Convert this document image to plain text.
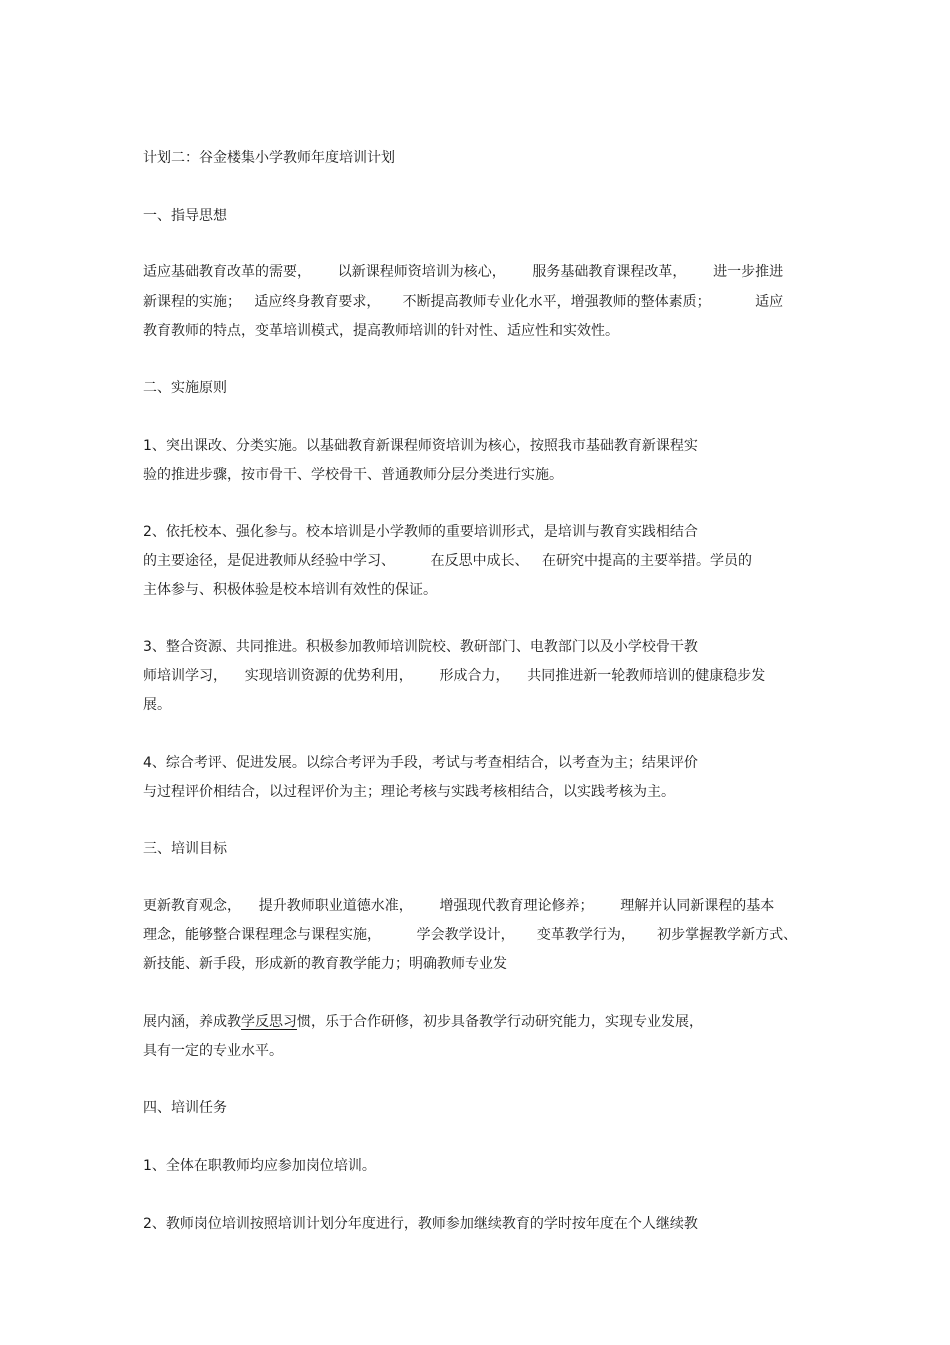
计划二：谷金楼集小学教师年度培训计划
一、指导思想
适应基础教育改革的需要，      以新课程师资培训为核心，      服务基础教育课程改革，      进一步推进
新课程的实施；   适应终身教育要求，     不断提高教师专业化水平，增强教师的整体素质；          适应
教育教师的特点，变革培训模式，提高教师培训的针对性、适应性和实效性。
二、实施原则
1、突出课改、分类实施。以基础教育新课程师资培训为核心，按照我市基础教育新课程实
验的推进步骤，按市骨干、学校骨干、普通教师分层分类进行实施。
2、依托校本、强化参与。校本培训是小学教师的重要培训形式，是培训与教育实践相结合
的主要途径，是促进教师从经验中学习、        在反思中成长、   在研究中提高的主要举措。学员的
主体参与、积极体验是校本培训有效性的保证。
3、整合资源、共同推进。积极参加教师培训院校、教研部门、电教部门以及小学校骨干教
师培训学习，    实现培训资源的优势利用，      形成合力，    共同推进新一轮教师培训的健康稳步发
展。
4、综合考评、促进发展。以综合考评为手段，考试与考查相结合，以考查为主；结果评价
与过程评价相结合，以过程评价为主；理论考核与实践考核相结合，以实践考核为主。
三、培训目标
更新教育观念，    提升教师职业道德水准，      增强现代教育理论修养；      理解并认同新课程的基本
理念，能够整合课程理念与课程实施，        学会教学设计，     变革教学行为，     初步掌握教学新方式、
新技能、新手段，形成新的教育教学能力；明确教师专业发
展内涵，养成教学反思习惯，乐于合作研修，初步具备教学行动研究能力，实现专业发展，
具有一定的专业水平。
四、培训任务
1、全体在职教师均应参加岗位培训。
2、教师岗位培训按照培训计划分年度进行，教师参加继续教育的学时按年度在个人继续教
